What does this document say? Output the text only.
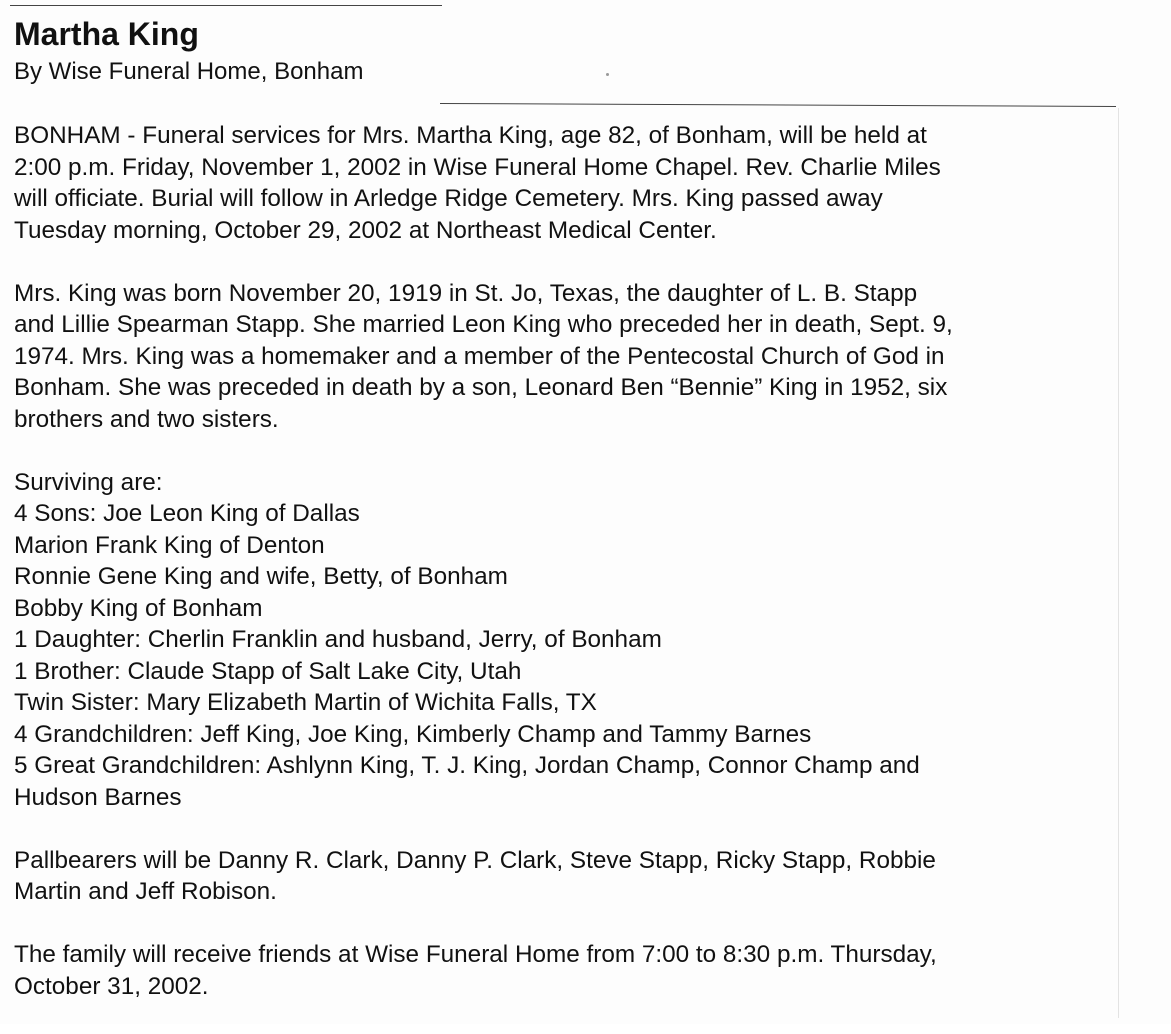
Martha King

By Wise Funeral Home, Bonham

BONHAM - Funeral services for Mrs. Martha King, age 82, of Bonham, will be held at
2:00 p.m. Friday, November 1, 2002 in Wise Funeral Home Chapel. Rev. Charlie Miles
will officiate. Burial will follow in Arledge Ridge Cemetery. Mrs. King passed away
Tuesday morning, October 29, 2002 at Northeast Medical Center.

Mrs. King was born November 20, 1919 in St. Jo, Texas, the daughter of L. B. Stapp
and Lillie Spearman Stapp. She married Leon King who preceded her in death, Sept. 9,
1974. Mrs. King was a homemaker and a member of the Pentecostal Church of God in
Bonham. She was preceded in death by a son, Leonard Ben “Bennie” King in 1952, six
brothers and two sisters.

Surviving are:
4 Sons: Joe Leon King of Dallas
Marion Frank King of Denton
Ronnie Gene King and wife, Betty, of Bonham
Bobby King of Bonham
1 Daughter: Cherlin Franklin and husband, Jerry, of Bonham
1 Brother: Claude Stapp of Salt Lake City, Utah
Twin Sister: Mary Elizabeth Martin of Wichita Falls, TX
4 Grandchildren: Jeff King, Joe King, Kimberly Champ and Tammy Barnes
5 Great Grandchildren: Ashlynn King, T. J. King, Jordan Champ, Connor Champ and
Hudson Barnes

Pallbearers will be Danny R. Clark, Danny P. Clark, Steve Stapp, Ricky Stapp, Robbie
Martin and Jeff Robison.

The family will receive friends at Wise Funeral Home from 7:00 to 8:30 p.m. Thursday,
October 31, 2002.
